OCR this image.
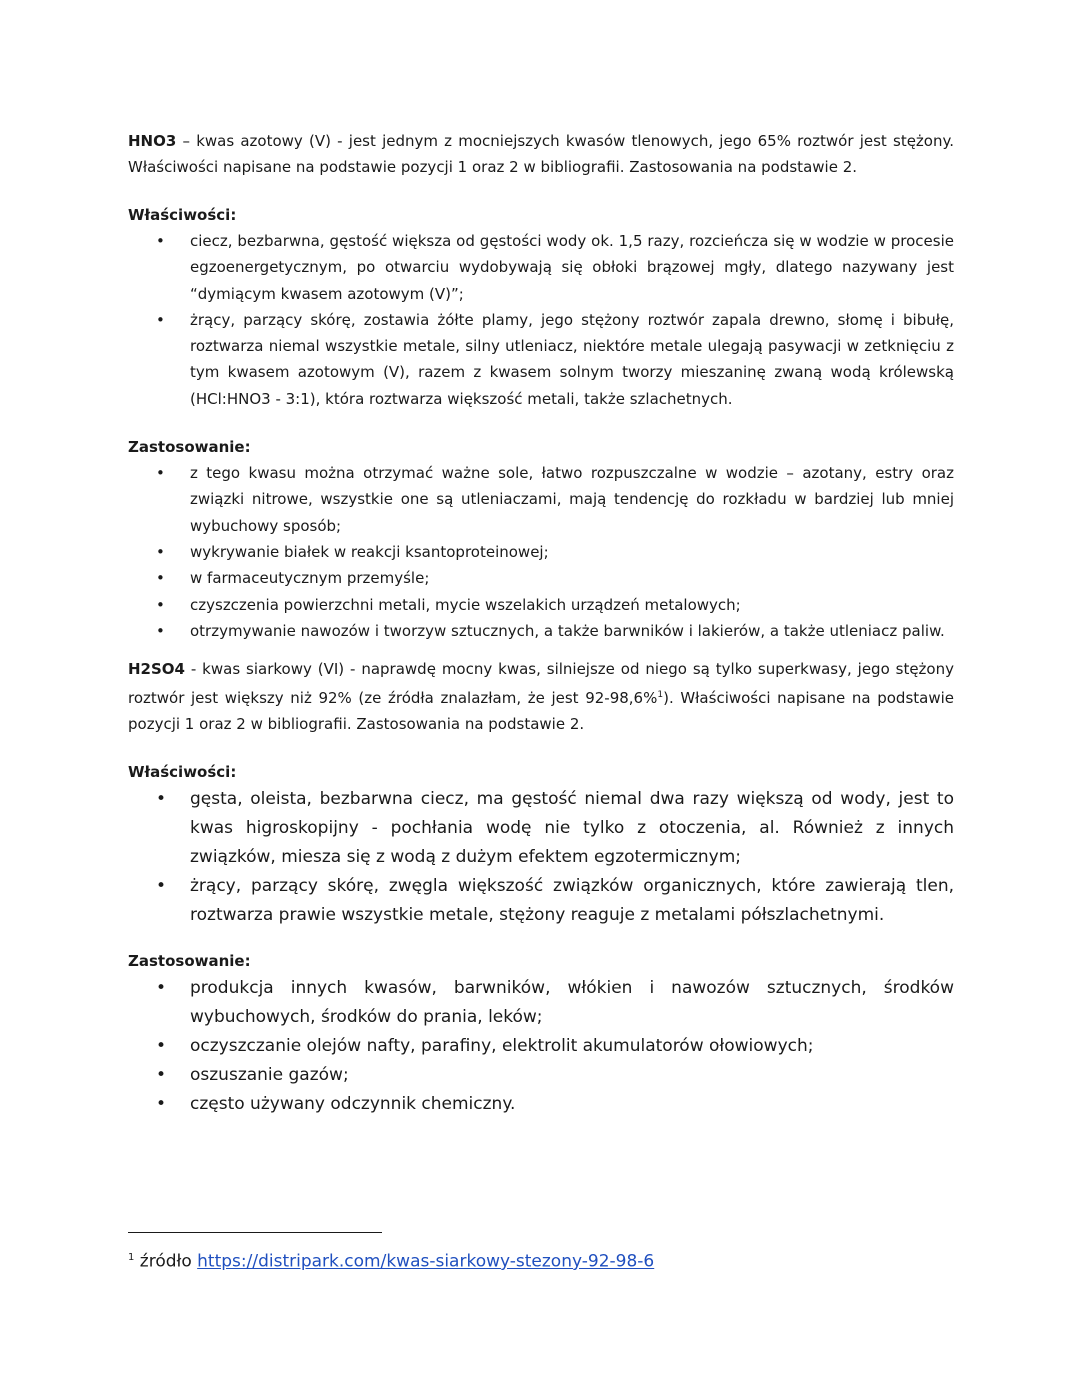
HNO3 – kwas azotowy (V) - jest jednym z mocniejszych kwasów tlenowych, jego 65% roztwór jest stężony. Właściwości napisane na podstawie pozycji 1 oraz 2 w bibliografii. Zastosowania na podstawie 2.

Właściwości:

• ciecz, bezbarwna, gęstość większa od gęstości wody ok. 1,5 razy, rozcieńcza się w wodzie w procesie egzoenergetycznym, po otwarciu wydobywają się obłoki brązowej mgły, dlatego nazywany jest “dymiącym kwasem azotowym (V)”;
• żrący, parzący skórę, zostawia żółte plamy, jego stężony roztwór zapala drewno, słomę i bibułę, roztwarza niemal wszystkie metale, silny utleniacz, niektóre metale ulegają pasywacji w zetknięciu z tym kwasem azotowym (V), razem z kwasem solnym tworzy mieszaninę zwaną wodą królewską (HCl:HNO3 - 3:1), która roztwarza większość metali, także szlachetnych.

Zastosowanie:

• z tego kwasu można otrzymać ważne sole, łatwo rozpuszczalne w wodzie – azotany, estry oraz związki nitrowe, wszystkie one są utleniaczami, mają tendencję do rozkładu w bardziej lub mniej wybuchowy sposób;
• wykrywanie białek w reakcji ksantoproteinowej;
• w farmaceutycznym przemyśle;
• czyszczenia powierzchni metali, mycie wszelakich urządzeń metalowych;
• otrzymywanie nawozów i tworzyw sztucznych, a także barwników i lakierów, a także utleniacz paliw.

H2SO4 - kwas siarkowy (VI) - naprawdę mocny kwas, silniejsze od niego są tylko superkwasy, jego stężony roztwór jest większy niż 92% (ze źródła znalazłam, że jest 92-98,6%$^1$). Właściwości napisane na podstawie pozycji 1 oraz 2 w bibliografii. Zastosowania na podstawie 2.

Właściwości:

• gęsta, oleista, bezbarwna ciecz, ma gęstość niemal dwa razy większą od wody, jest to kwas higroskopijny - pochłania wodę nie tylko z otoczenia, al. Również z innych związków, miesza się z wodą z dużym efektem egzotermicznym;
• żrący, parzący skórę, zwęgla większość związków organicznych, które zawierają tlen, roztwarza prawie wszystkie metale, stężony reaguje z metalami półszlachetnymi.

Zastosowanie:

• produkcja innych kwasów, barwników, włókien i nawozów sztucznych, środków wybuchowych, środków do prania, leków;
• oczyszczanie olejów nafty, parafiny, elektrolit akumulatorów ołowiowych;
• oszuszanie gazów;
• często używany odczynnik chemiczny.
$^1$ źródło https://distripark.com/kwas-siarkowy-stezony-92-98-6
